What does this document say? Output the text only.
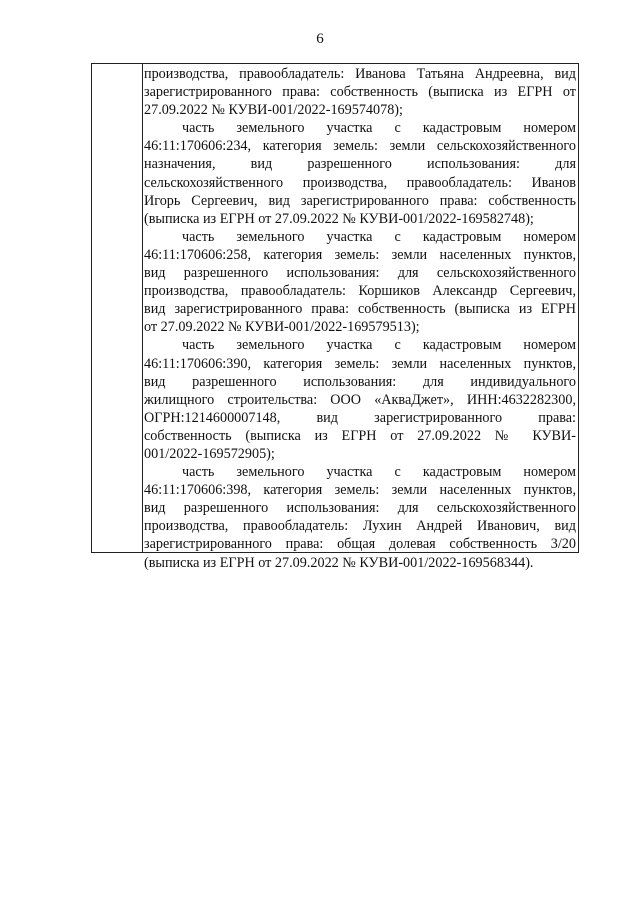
6
производства, правообладатель: Иванова Татьяна Андреевна, вид
зарегистрированного права: собственность (выписка из ЕГРН от
27.09.2022 № КУВИ-001/2022-169574078);
часть земельного участка с кадастровым номером
46:11:170606:234, категория земель: земли сельскохозяйственного
назначения, вид разрешенного использования: для
сельскохозяйственного производства, правообладатель: Иванов
Игорь Сергеевич, вид зарегистрированного права: собственность
(выписка из ЕГРН от 27.09.2022 № КУВИ-001/2022-169582748);
часть земельного участка с кадастровым номером
46:11:170606:258, категория земель: земли населенных пунктов,
вид разрешенного использования: для сельскохозяйственного
производства, правообладатель: Коршиков Александр Сергеевич,
вид зарегистрированного права: собственность (выписка из ЕГРН
от 27.09.2022 № КУВИ-001/2022-169579513);
часть земельного участка с кадастровым номером
46:11:170606:390, категория земель: земли населенных пунктов,
вид разрешенного использования: для индивидуального
жилищного строительства: ООО «АкваДжет», ИНН:4632282300,
ОГРН:1214600007148, вид зарегистрированного права:
собственность (выписка из ЕГРН от 27.09.2022 № КУВИ-
001/2022-169572905);
часть земельного участка с кадастровым номером
46:11:170606:398, категория земель: земли населенных пунктов,
вид разрешенного использования: для сельскохозяйственного
производства, правообладатель: Лухин Андрей Иванович, вид
зарегистрированного права: общая долевая собственность 3/20
(выписка из ЕГРН от 27.09.2022 № КУВИ-001/2022-169568344).
